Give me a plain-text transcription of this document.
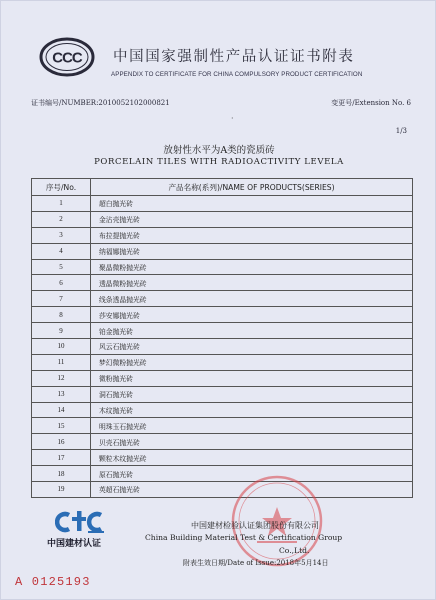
CCC 中国国家强制性产品认证证书附表
APPENDIX TO CERTIFICATE FOR CHINA COMPULSORY PRODUCT CERTIFICATION
证书编号/NUMBER:2010052102000821	变更号/Extension No. 6
·
1/3
放射性水平为A类的瓷质砖
PORCELAIN TILES WITH RADIOACTIVITY LEVELA
序号/No.	产品名称(系列)/NAME OF PRODUCTS(SERIES)
1	超白抛光砖
2	金沾壳抛光砖
3	布拉提抛光砖
4	纳福娜抛光砖
5	聚晶微粉抛光砖
6	透晶微粉抛光砖
7	线条透晶抛光砖
8	莎安娜抛光砖
9	铂金抛光砖
10	风云石抛光砖
11	梦幻微粉抛光砖
12	微粉抛光砖
13	洞石抛光砖
14	木纹抛光砖
15	明珠玉石抛光砖
16	贝壳石抛光砖
17	颗粒木纹抛光砖
18	原石抛光砖
19	英超石抛光砖
中国建材认证
中国建材检验认证集团股份有限公司
China Building Material Test & Certification Group
Co.,Ltd.
附表生效日期/Date of Issue:2018年5月14日
A 0125193
